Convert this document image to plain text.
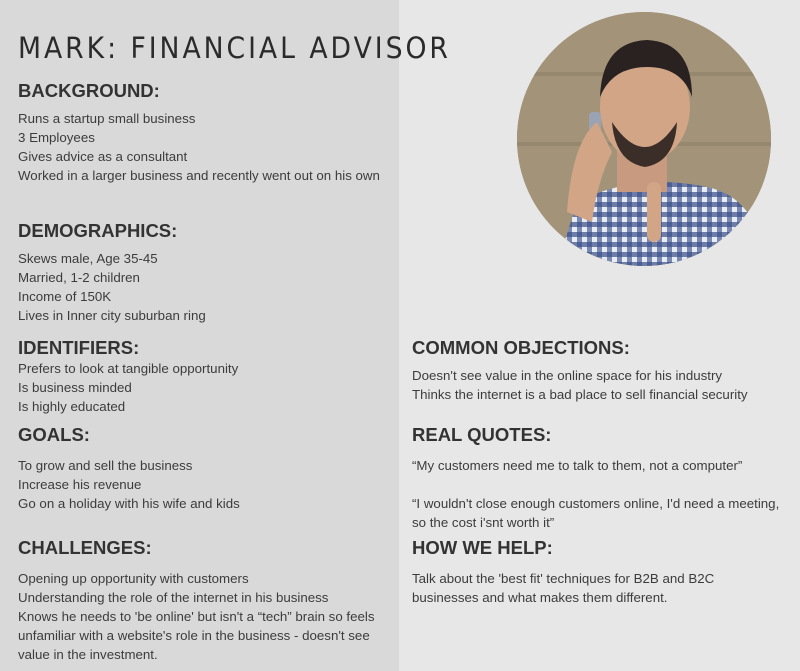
MARK: FINANCIAL ADVISOR
BACKGROUND:
Runs a startup small business
3 Employees
Gives advice as a consultant
Worked in a larger business and recently went out on his own
DEMOGRAPHICS:
Skews male, Age 35-45
Married, 1-2 children
Income of 150K
Lives in Inner city suburban ring
IDENTIFIERS:
Prefers to look at tangible opportunity
Is business minded
Is highly educated
GOALS:
To grow and sell the business
Increase his revenue
Go on a holiday with his wife and kids
CHALLENGES:
Opening up opportunity with customers
Understanding the role of the internet in his business
Knows he needs to 'be online' but isn't a “tech” brain so feels
unfamiliar with a website's role in the business - doesn't see
value in the investment.
COMMON OBJECTIONS:
Doesn't see value in the online space for his industry
Thinks the internet is a bad place to sell financial security
REAL QUOTES:
“My customers need me to talk to them, not a computer”
“I wouldn't close enough customers online, I'd need a meeting,
so the cost i'snt worth it”
HOW WE HELP:
Talk about the 'best fit' techniques for B2B and B2C
businesses and what makes them different.
